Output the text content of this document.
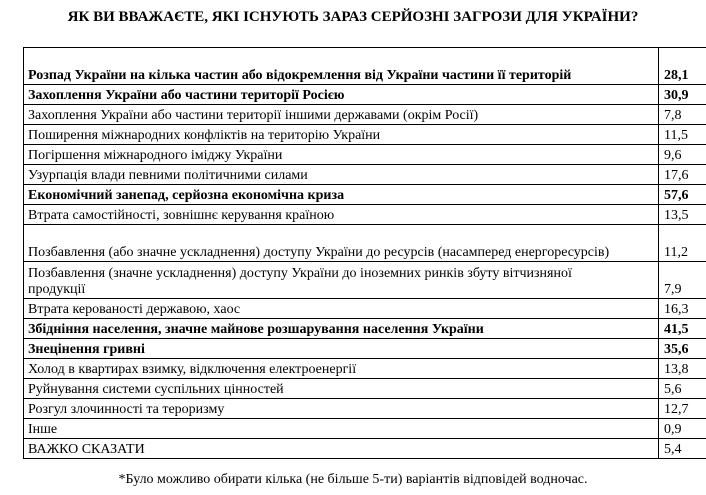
ЯК ВИ ВВАЖАЄТЕ, ЯКІ ІСНУЮТЬ ЗАРАЗ СЕРЙОЗНІ ЗАГРОЗИ ДЛЯ УКРАЇНИ?
Розпад України на кілька частин або відокремлення від України частини її територій	28,1
Захоплення України або частини території Росією	30,9
Захоплення України або частини території іншими державами (окрім Росії)	7,8
Поширення міжнародних конфліктів на територію України	11,5
Погіршення міжнародного іміджу України	9,6
Узурпація влади певними політичними силами	17,6
Економічний занепад, серйозна економічна криза	57,6
Втрата самостійності, зовнішнє керування країною	13,5
Позбавлення (або значне ускладнення) доступу України до ресурсів (насамперед енергоресурсів)	11,2
Позбавлення (значне ускладнення) доступу України до іноземних ринків збуту вітчизняної продукції	7,9
Втрата керованості державою, хаос	16,3
Збідніння населення, значне майнове розшарування населення України	41,5
Знецінення гривні	35,6
Холод в квартирах взимку, відключення електроенергії	13,8
Руйнування системи суспільних цінностей	5,6
Розгул злочинності та тероризму	12,7
Інше	0,9
ВАЖКО СКАЗАТИ	5,4
*Було можливо обирати кілька (не більше 5-ти) варіантів відповідей водночас.
